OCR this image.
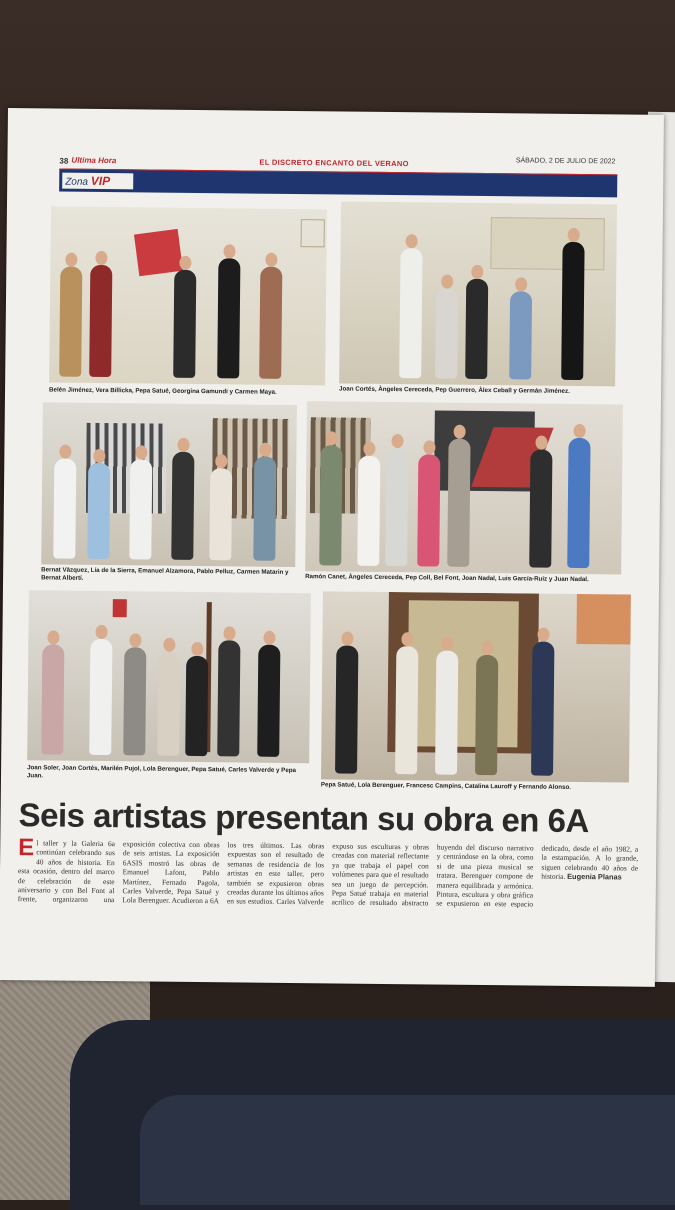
38 Ultima Hora	EL DISCRETO ENCANTO DEL VERANO	SÁBADO, 2 DE JULIO DE 2022
Zona VIP
Belén Jiménez, Vera Billicka, Pepa Satué, Georgina Gamundi y Carmen Maya.	Joan Cortés, Àngeles Cereceda, Pep Guerrero, Àlex Ceball y Germán Jiménez.
Bernat Vàzquez, Lía de la Sierra, Emanuel Alzamora, Pablo Pelluz, Carmen Matarin y Bernat Albertí.	Ramón Canet, Àngeles Cereceda, Pep Coll, Bel Font, Joan Nadal, Luis García-Ruiz y Juan Nadal.
Joan Soler, Joan Cortés, Marilén Pujol, Lola Berenguer, Pepa Satué, Carles Valverde y Pepa Juan.
Pepa Satué, Lola Berenguer, Francesc Campins, Catalina Lauroff y Fernando Alonso.
Seis artistas presentan su obra en 6A
El taller y la Galeria 6a continúan celebrando sus 40 años de historia. En esta ocasión, dentro del marco de celebración de este aniversario y con Bel Font al frente, organizaron una exposición colectiva con obras de seis artistas. La exposición 6ASIS mostró las obras de Emanuel Lafont, Pablo Martínez, Fernado Pagola, Carles Valverde, Pepa Satué y Lola Berenguer. Acudieron a 6A los tres últimos. Las obras expuestas son el resultado de semanas de residencia de los artistas en este taller, pero también se expusieron obras creadas durante los últimos años en sus estudios. Carles Valverde expuso sus esculturas y obras creadas con material reflectante ya que trabaja el papel con volúmenes para que el resultado sea un juego de percepción. Pepa Satué trabaja en material acrílico de resultado abstracto huyendo del discurso narrativo y centrándose en la obra, como si de una pieza musical se tratara. Berenguer compone de manera equilibrada y armónica. Pintura, escultura y obra gráfica se expusieron en este espacio dedicado, desde el año 1982, a la estampación. A lo grande, siguen celebrando 40 años de historia. Eugenia Planas
